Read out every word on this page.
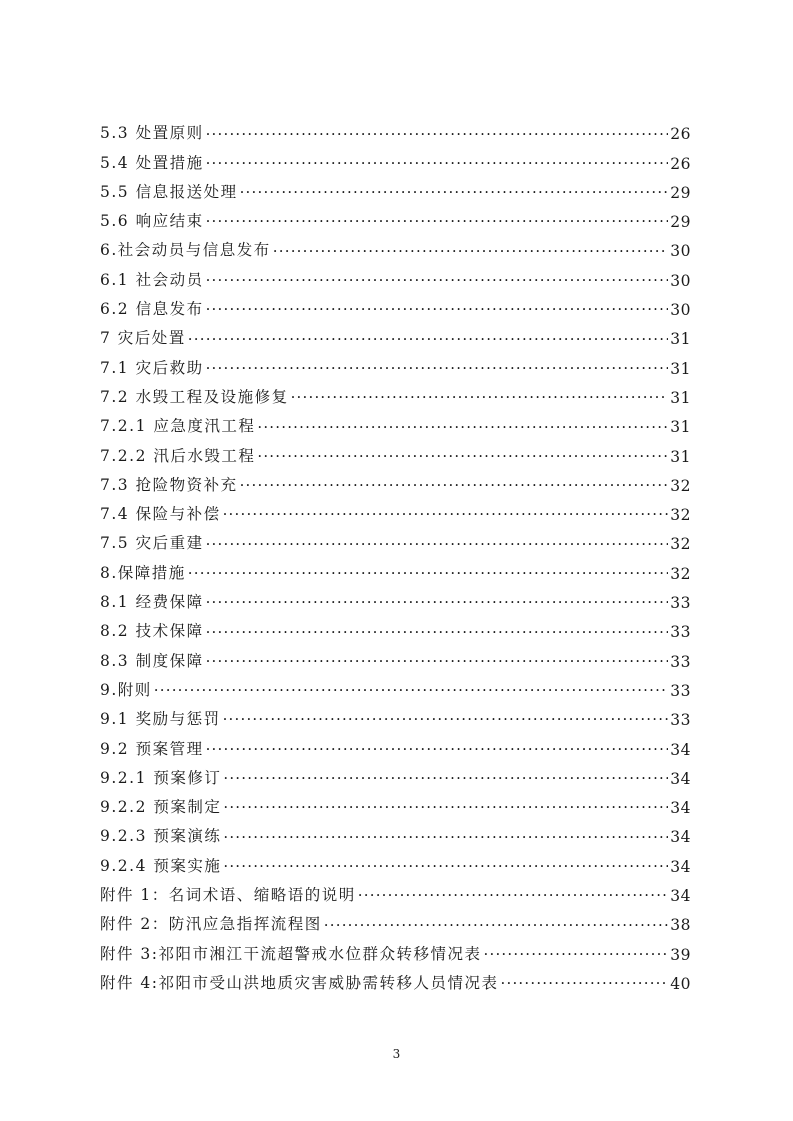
5.3 处置原则 ·····	26
5.4 处置措施 ·····	26
5.5 信息报送处理 ·····	29
5.6 响应结束 ·····	29
6.社会动员与信息发布 ·····	30
6.1 社会动员 ·····	30
6.2 信息发布 ·····	30
7 灾后处置 ·····	31
7.1 灾后救助 ·····	31
7.2 水毁工程及设施修复 ·····	31
7.2.1 应急度汛工程 ·····	31
7.2.2 汛后水毁工程 ·····	31
7.3 抢险物资补充 ·····	32
7.4 保险与补偿 ·····	32
7.5 灾后重建 ·····	32
8.保障措施 ·····	32
8.1 经费保障 ·····	33
8.2 技术保障 ·····	33
8.3 制度保障 ·····	33
9.附则 ·····	33
9.1 奖励与惩罚 ·····	33
9.2 预案管理 ·····	34
9.2.1 预案修订 ·····	34
9.2.2 预案制定 ·····	34
9.2.3 预案演练 ·····	34
9.2.4 预案实施 ·····	34
附件 1：名词术语、缩略语的说明 ·····	34
附件 2：防汛应急指挥流程图 ·····	38
附件 3:祁阳市湘江干流超警戒水位群众转移情况表 ·····	39
附件 4:祁阳市受山洪地质灾害威胁需转移人员情况表 ·····	40
3
